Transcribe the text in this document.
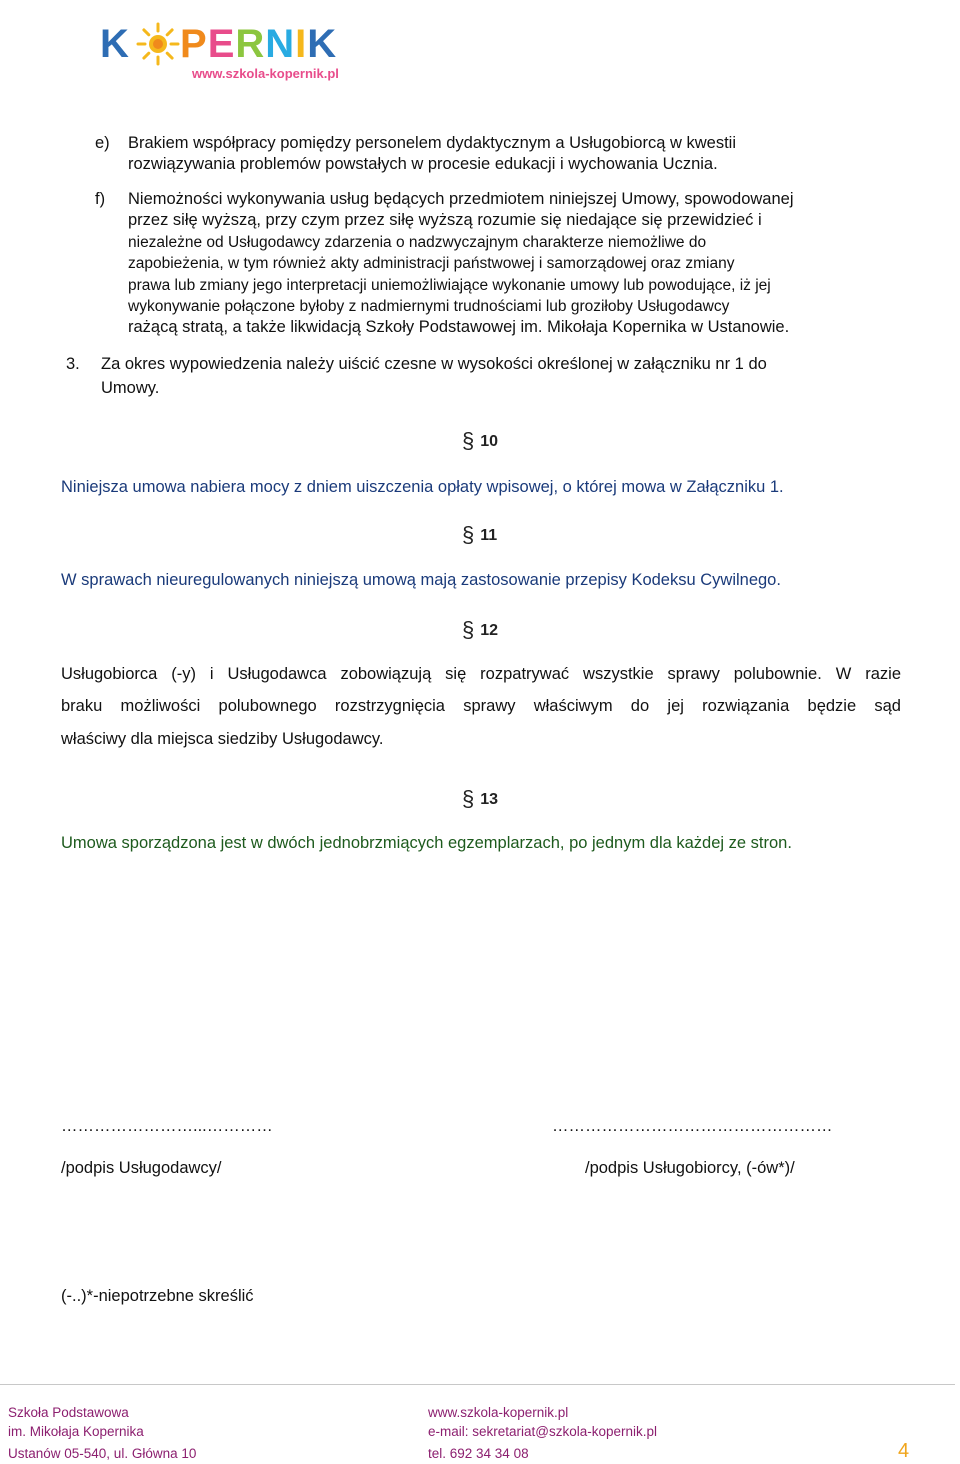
K PERNIK
www.szkola-kopernik.pl
e) Brakiem współpracy pomiędzy personelem dydaktycznym a Usługobiorcą w kwestii
rozwiązywania problemów powstałych w procesie edukacji i wychowania Ucznia.
f) Niemożności wykonywania usług będących przedmiotem niniejszej Umowy, spowodowanej
przez siłę wyższą, przy czym przez siłę wyższą rozumie się niedające się przewidzieć i
niezależne od Usługodawcy zdarzenia o nadzwyczajnym charakterze niemożliwe do
zapobieżenia, w tym również akty administracji państwowej i samorządowej oraz zmiany
prawa lub zmiany jego interpretacji uniemożliwiające wykonanie umowy lub powodujące, iż jej
wykonywanie połączone byłoby z nadmiernymi trudnościami lub groziłoby Usługodawcy
rażącą stratą, a także likwidacją Szkoły Podstawowej im. Mikołaja Kopernika w Ustanowie.
3. Za okres wypowiedzenia należy uiścić czesne w wysokości określonej w załączniku nr 1 do
Umowy.
§ 10
Niniejsza umowa nabiera mocy z dniem uiszczenia opłaty wpisowej, o której mowa w Załączniku 1.
§ 11
W sprawach nieuregulowanych niniejszą umową mają zastosowanie przepisy Kodeksu Cywilnego.
§ 12
Usługobiorca (-y) i Usługodawca zobowiązują się rozpatrywać wszystkie sprawy polubownie. W razie
braku możliwości polubownego rozstrzygnięcia sprawy właściwym do jej rozwiązania będzie sąd
właściwy dla miejsca siedziby Usługodawcy.
§ 13
Umowa sporządzona jest w dwóch jednobrzmiących egzemplarzach, po jednym dla każdej ze stron.
……………………...…………	……………………………………………
/podpis Usługodawcy/	/podpis Usługobiorcy, (-ów*)/
(-..)*-niepotrzebne skreślić
Szkoła Podstawowa
im. Mikołaja Kopernika
Ustanów 05-540, ul. Główna 10
www.szkola-kopernik.pl
e-mail: sekretariat@szkola-kopernik.pl
tel. 692 34 34 08	4
